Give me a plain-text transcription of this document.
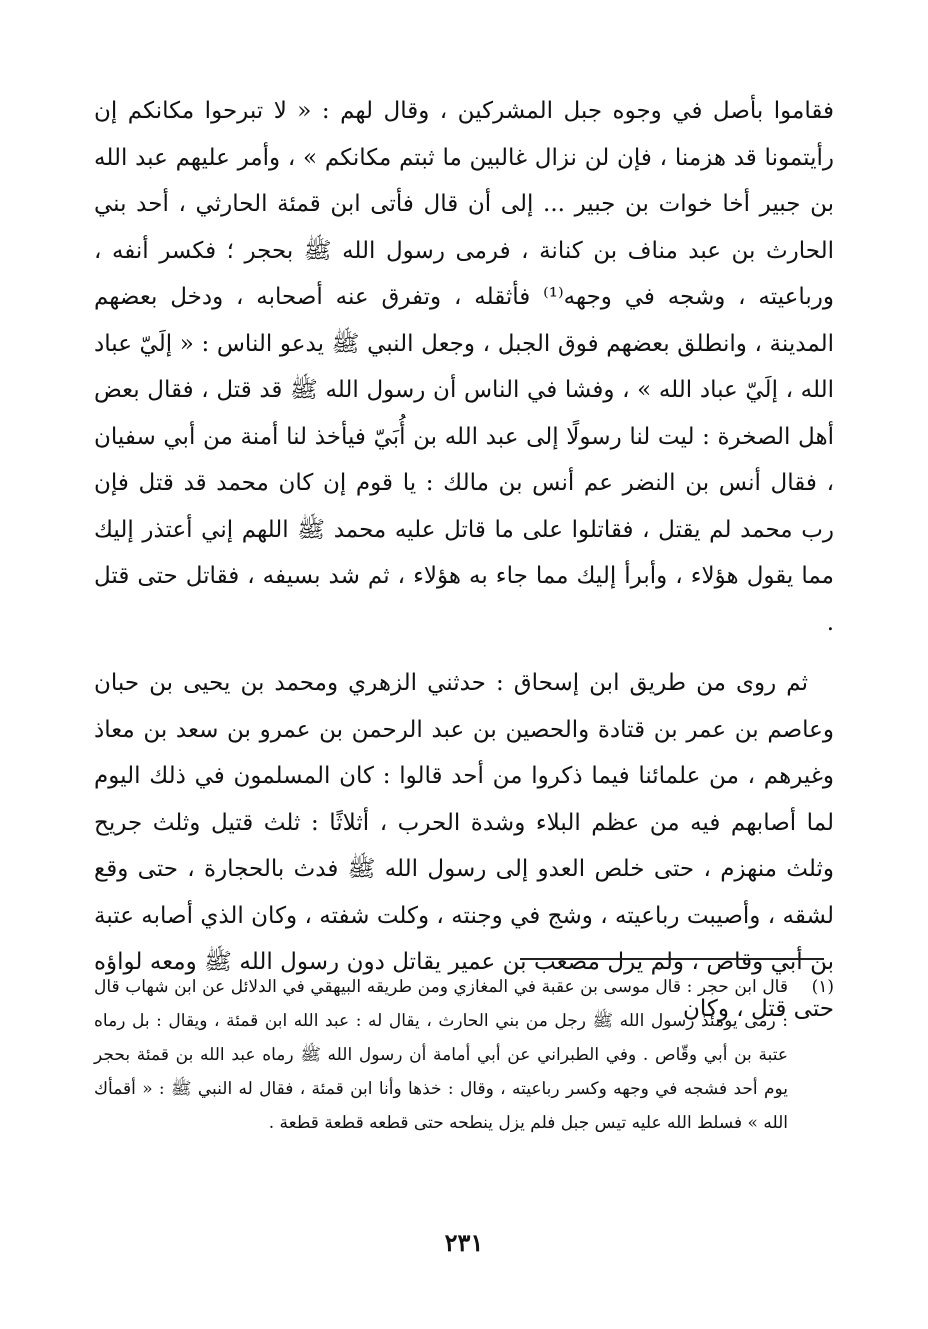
فقاموا بأصل في وجوه جبل المشركين ، وقال لهم : « لا تبرحوا مكانكم إن رأيتمونا قد هزمنا ، فإن لن نزال غالبين ما ثبتم مكانكم » ، وأمر عليهم عبد الله بن جبير أخا خوات بن جبير ... إلى أن قال فأتى ابن قمئة الحارثي ، أحد بني الحارث بن عبد مناف بن كنانة ، فرمى رسول الله ﷺ بحجر ؛ فكسر أنفه ، ورباعيته ، وشجه في وجهه⁽¹⁾ فأثقله ، وتفرق عنه أصحابه ، ودخل بعضهم المدينة ، وانطلق بعضهم فوق الجبل ، وجعل النبي ﷺ يدعو الناس : « إلَيّ عباد الله ، إلَيّ عباد الله » ، وفشا في الناس أن رسول الله ﷺ قد قتل ، فقال بعض أهل الصخرة : ليت لنا رسولًا إلى عبد الله بن أُبَيّ فيأخذ لنا أمنة من أبي سفيان ، فقال أنس بن النضر عم أنس بن مالك : يا قوم إن كان محمد قد قتل فإن رب محمد لم يقتل ، فقاتلوا على ما قاتل عليه محمد ﷺ اللهم إني أعتذر إليك مما يقول هؤلاء ، وأبرأ إليك مما جاء به هؤلاء ، ثم شد بسيفه ، فقاتل حتى قتل .

ثم روى من طريق ابن إسحاق : حدثني الزهري ومحمد بن يحيى بن حبان وعاصم بن عمر بن قتادة والحصين بن عبد الرحمن بن عمرو بن سعد بن معاذ وغيرهم ، من علمائنا فيما ذكروا من أحد قالوا : كان المسلمون في ذلك اليوم لما أصابهم فيه من عظم البلاء وشدة الحرب ، أثلاثًا : ثلث قتيل وثلث جريح وثلث منهزم ، حتى خلص العدو إلى رسول الله ﷺ فدث بالحجارة ، حتى وقع لشقه ، وأصيبت رباعيته ، وشج في وجنته ، وكلت شفته ، وكان الذي أصابه عتبة بن أبي وقاص ، ولم يزل مصعب بن عمير يقاتل دون رسول الله ﷺ ومعه لواؤه حتى قتل ، وكان

(١)

قال ابن حجر : قال موسى بن عقبة في المغازي ومن طريقه البيهقي في الدلائل عن ابن شهاب قال : رمى يومئذ رسول الله ﷺ رجل من بني الحارث ، يقال له : عبد الله ابن قمئة ، ويقال : بل رماه عتبة بن أبي وقّاص . وفي الطبراني عن أبي أمامة أن رسول الله ﷺ رماه عبد الله بن قمئة بحجر يوم أحد فشجه في وجهه وكسر رباعيته ، وقال : خذها وأنا ابن قمئة ، فقال له النبي ﷺ : « أقمأك الله » فسلط الله عليه تيس جبل فلم يزل ينطحه حتى قطعه قطعة قطعة .

٢٣١
